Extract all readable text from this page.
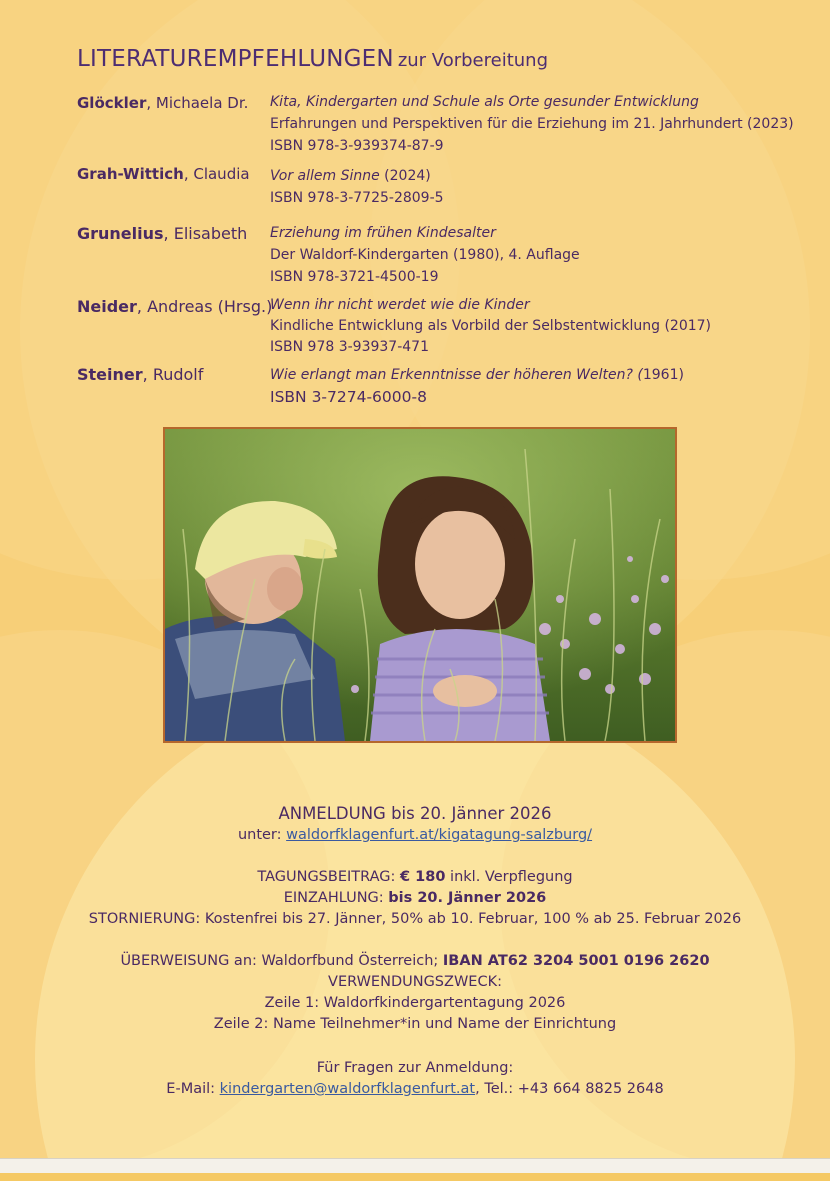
LITERATUREMPFEHLUNGEN zur Vorbereitung
Glöckler, Michaela Dr. Kita, Kindergarten und Schule als Orte gesunder Entwicklung
Erfahrungen und Perspektiven für die Erziehung im 21. Jahrhundert (2023)
ISBN 978-3-939374-87-9
Grah-Wittich, Claudia Vor allem Sinne (2024)
ISBN 978-3-7725-2809-5
Grunelius, Elisabeth Erziehung im frühen Kindesalter
Der Waldorf-Kindergarten (1980), 4. Auflage
ISBN 978-3721-4500-19
Neider, Andreas (Hrsg.)
Wenn ihr nicht werdet wie die Kinder
Kindliche Entwicklung als Vorbild der Selbstentwicklung (2017)
ISBN 978 3-93937-471
Steiner, Rudolf	Wie erlangt man Erkenntnisse der höheren Welten? (1961)
ISBN 3-7274-6000-8
ANMELDUNG bis 20. Jänner 2026
unter: waldorfklagenfurt.at/kigatagung-salzburg/
TAGUNGSBEITRAG: € 180 inkl. Verpflegung
EINZAHLUNG: bis 20. Jänner 2026
STORNIERUNG: Kostenfrei bis 27. Jänner, 50% ab 10. Februar, 100 % ab 25. Februar 2026
ÜBERWEISUNG an: Waldorfbund Österreich; IBAN AT62 3204 5001 0196 2620
VERWENDUNGSZWECK:
Zeile 1: Waldorfkindergartentagung 2026
Zeile 2: Name Teilnehmer*in und Name der Einrichtung
Für Fragen zur Anmeldung:
E-Mail: kindergarten@waldorfklagenfurt.at, Tel.: +43 664 8825 2648
